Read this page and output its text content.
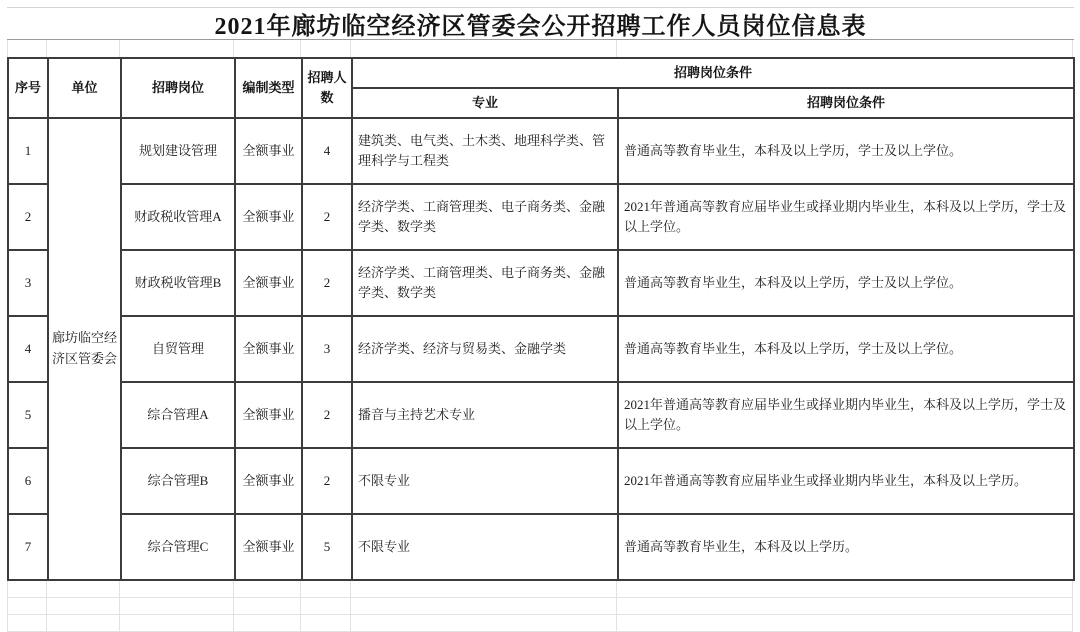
2021年廊坊临空经济区管委会公开招聘工作人员岗位信息表
序号	单位	招聘岗位	编制类型	招聘人数	招聘岗位条件	
					专业	招聘岗位条件
1	廊坊临空经济区管委会	规划建设管理	全额事业	4	建筑类、电气类、土木类、地理科学类、管理科学与工程类	普通高等教育毕业生，本科及以上学历，学士及以上学位。
2		财政税收管理A	全额事业	2	经济学类、工商管理类、电子商务类、金融学类、数学类	2021年普通高等教育应届毕业生或择业期内毕业生，本科及以上学历，学士及以上学位。
3		财政税收管理B	全额事业	2	经济学类、工商管理类、电子商务类、金融学类、数学类	普通高等教育毕业生，本科及以上学历，学士及以上学位。
4		自贸管理	全额事业	3	经济学类、经济与贸易类、金融学类	普通高等教育毕业生，本科及以上学历，学士及以上学位。
5		综合管理A	全额事业	2	播音与主持艺术专业	2021年普通高等教育应届毕业生或择业期内毕业生，本科及以上学历，学士及以上学位。
6		综合管理B	全额事业	2	不限专业	2021年普通高等教育应届毕业生或择业期内毕业生，本科及以上学历。
7		综合管理C	全额事业	5	不限专业	普通高等教育毕业生，本科及以上学历。
